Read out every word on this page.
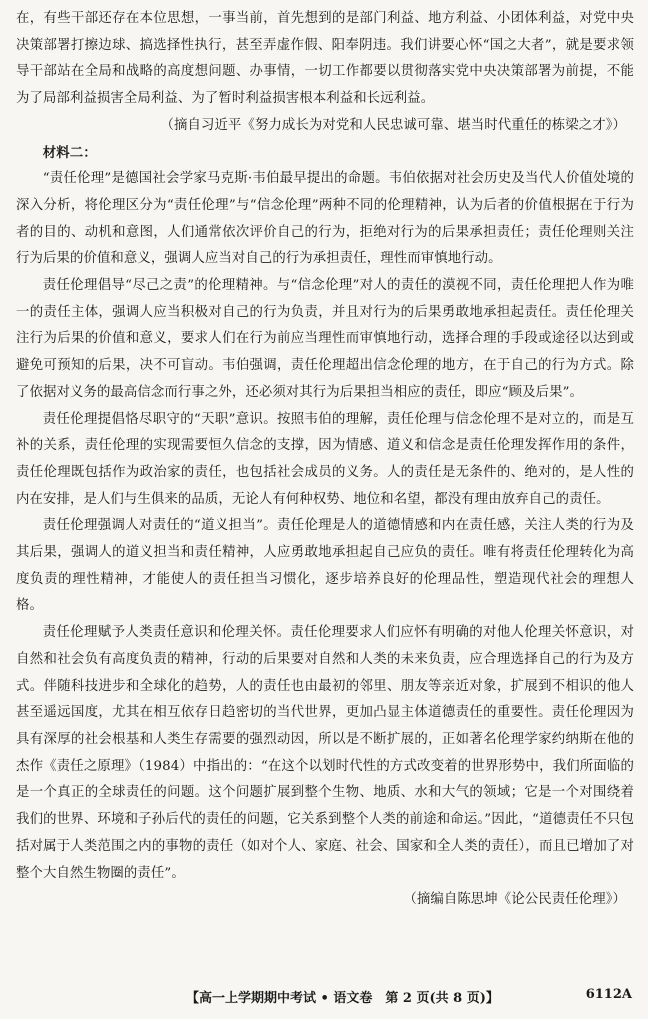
在，有些干部还存在本位思想，一事当前，首先想到的是部门利益、地方利益、小团体利益，对党中央决策部署打擦边球、搞选择性执行，甚至弄虚作假、阳奉阴违。我们讲要心怀“国之大者”，就是要求领导干部站在全局和战略的高度想问题、办事情，一切工作都要以贯彻落实党中央决策部署为前提，不能为了局部利益损害全局利益、为了暂时利益损害根本利益和长远利益。

（摘自习近平《努力成长为对党和人民忠诚可靠、堪当时代重任的栋梁之才》）

材料二：

“责任伦理”是德国社会学家马克斯·韦伯最早提出的命题。韦伯依据对社会历史及当代人价值处境的深入分析，将伦理区分为“责任伦理”与“信念伦理”两种不同的伦理精神，认为后者的价值根据在于行为者的目的、动机和意图，人们通常依次评价自己的行为，拒绝对行为的后果承担责任；责任伦理则关注行为后果的价值和意义，强调人应当对自己的行为承担责任，理性而审慎地行动。

责任伦理倡导“尽己之责”的伦理精神。与“信念伦理”对人的责任的漠视不同，责任伦理把人作为唯一的责任主体，强调人应当积极对自己的行为负责，并且对行为的后果勇敢地承担起责任。责任伦理关注行为后果的价值和意义，要求人们在行为前应当理性而审慎地行动，选择合理的手段或途径以达到或避免可预知的后果，决不可盲动。韦伯强调，责任伦理超出信念伦理的地方，在于自己的行为方式。除了依据对义务的最高信念而行事之外，还必须对其行为后果担当相应的责任，即应“顾及后果”。

责任伦理提倡恪尽职守的“天职”意识。按照韦伯的理解，责任伦理与信念伦理不是对立的，而是互补的关系，责任伦理的实现需要恒久信念的支撑，因为情感、道义和信念是责任伦理发挥作用的条件，责任伦理既包括作为政治家的责任，也包括社会成员的义务。人的责任是无条件的、绝对的，是人性的内在安排，是人们与生俱来的品质，无论人有何种权势、地位和名望，都没有理由放弃自己的责任。

责任伦理强调人对责任的“道义担当”。责任伦理是人的道德情感和内在责任感，关注人类的行为及其后果，强调人的道义担当和责任精神，人应勇敢地承担起自己应负的责任。唯有将责任伦理转化为高度负责的理性精神，才能使人的责任担当习惯化，逐步培养良好的伦理品性，塑造现代社会的理想人格。

责任伦理赋予人类责任意识和伦理关怀。责任伦理要求人们应怀有明确的对他人伦理关怀意识，对自然和社会负有高度负责的精神，行动的后果要对自然和人类的未来负责，应合理选择自己的行为及方式。伴随科技进步和全球化的趋势，人的责任也由最初的邻里、朋友等亲近对象，扩展到不相识的他人甚至遥远国度，尤其在相互依存日趋密切的当代世界，更加凸显主体道德责任的重要性。责任伦理因为具有深厚的社会根基和人类生存需要的强烈动因，所以是不断扩展的，正如著名伦理学家约纳斯在他的杰作《责任之原理》（1984）中指出的：“在这个以划时代性的方式改变着的世界形势中，我们所面临的是一个真正的全球责任的问题。这个问题扩展到整个生物、地质、水和大气的领域；它是一个对围绕着我们的世界、环境和子孙后代的责任的问题，它关系到整个人类的前途和命运。”因此，“道德责任不只包括对属于人类范围之内的事物的责任（如对个人、家庭、社会、国家和全人类的责任），而且已增加了对整个大自然生物圈的责任”。

（摘编自陈思坤《论公民责任伦理》）

【高一上学期期中考试 • 语文卷　第 2 页(共 8 页)】	6112A
